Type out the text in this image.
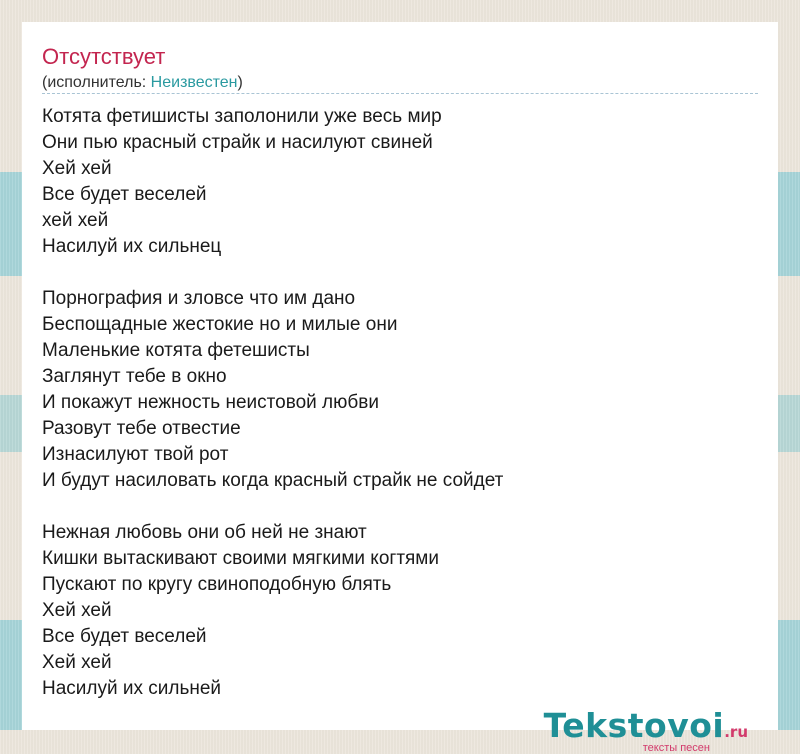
Отсутствует
(исполнитель: Неизвестен)
Котята фетишисты заполонили уже весь мир
Они пью красный страйк и насилуют свиней
Хей хей
Все будет веселей
хей хей
Насилуй их сильнец
Порнография и зловсе что им дано
Беспощадные жестокие но и милые они
Маленькие котята фетешисты
Заглянут тебе в окно
И покажут нежность неистовой любви
Разовут тебе отвестие
Изнасилуют твой рот
И будут насиловать когда красный страйк не сойдет
Нежная любовь они об ней не знают
Кишки вытаскивают своими мягкими когтями
Пускают по кругу свиноподобную блять
Хей хей
Все будет веселей
Хей хей
Насилуй их сильней
Tekstovoi.ru
тексты песен
